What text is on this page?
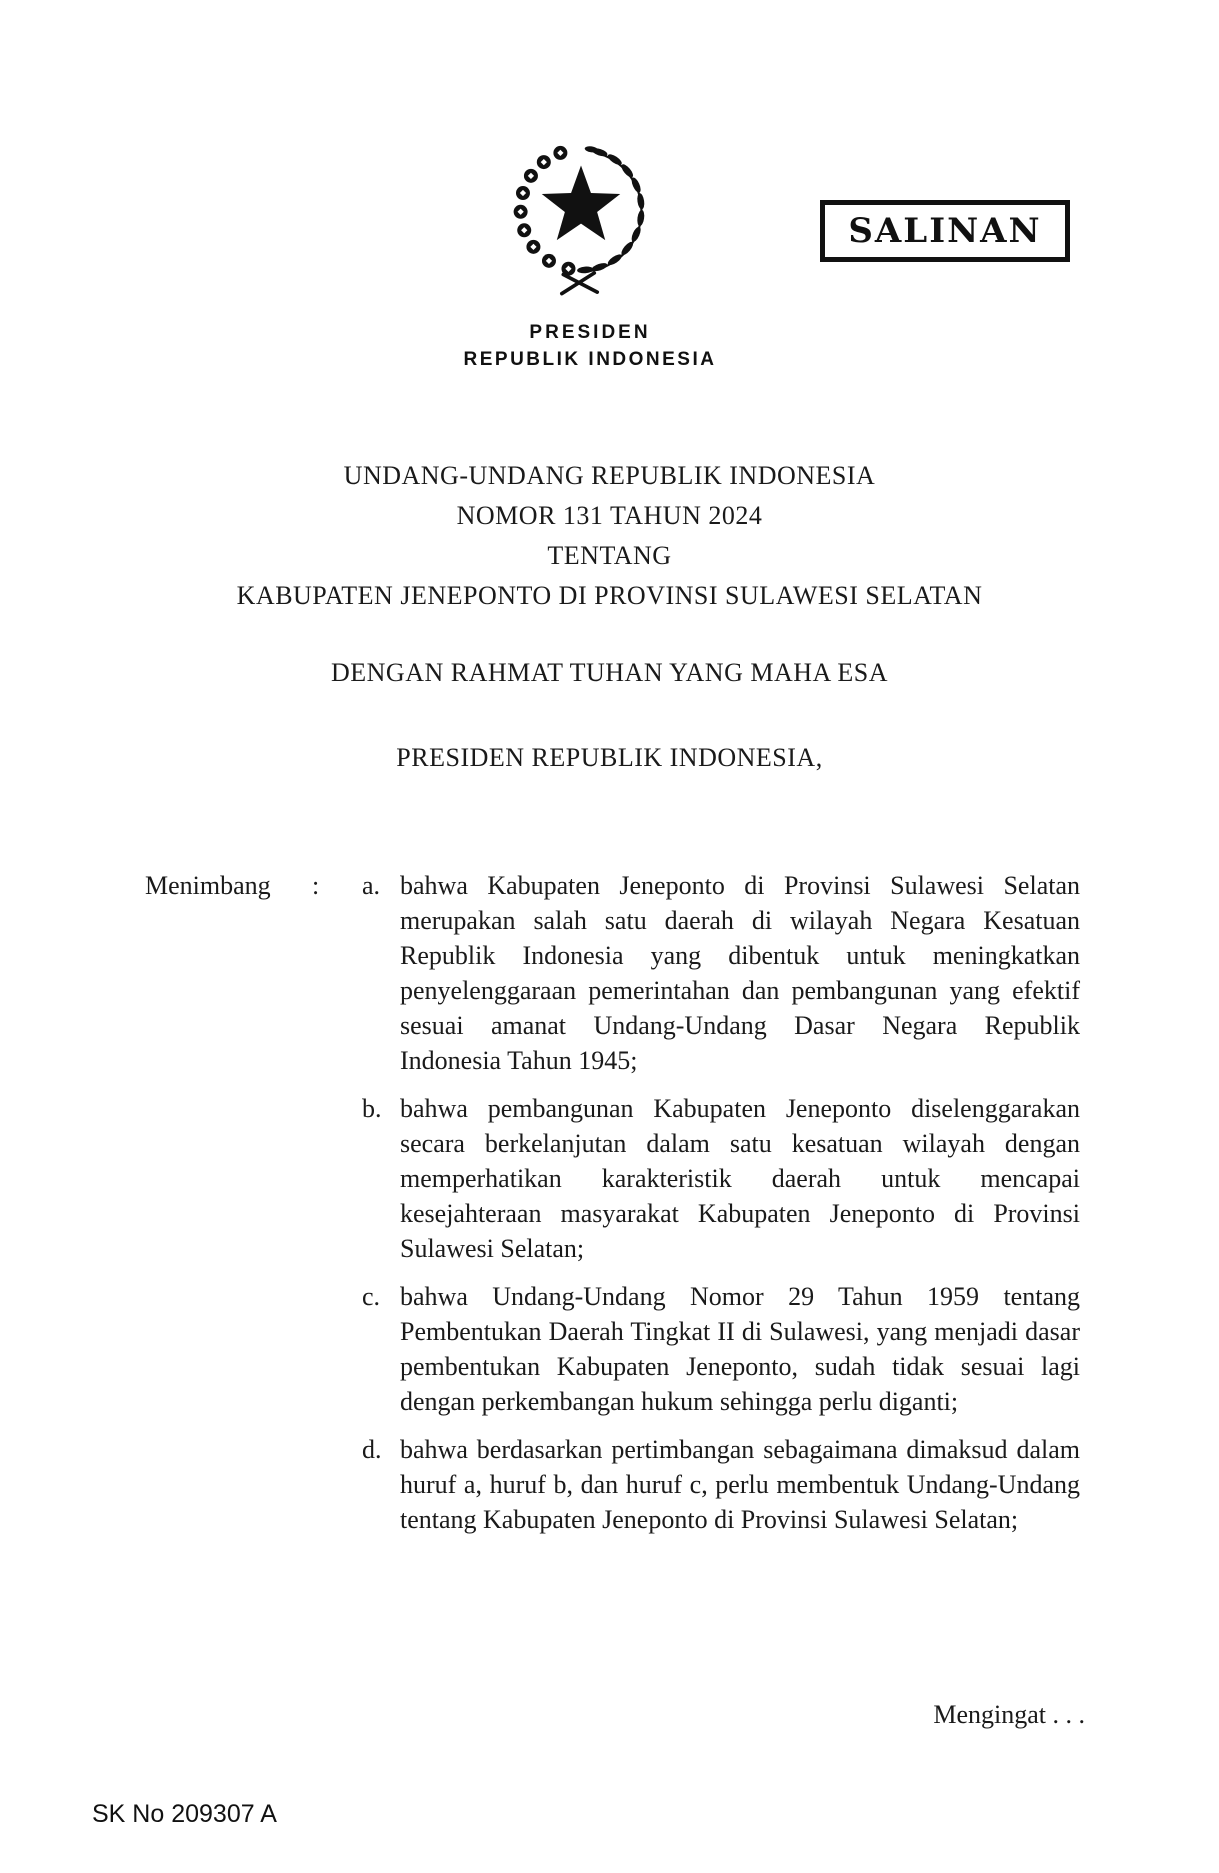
PRESIDEN
REPUBLIK INDONESIA
SALINAN
UNDANG-UNDANG REPUBLIK INDONESIA
NOMOR 131 TAHUN 2024
TENTANG
KABUPATEN JENEPONTO DI PROVINSI SULAWESI SELATAN
DENGAN RAHMAT TUHAN YANG MAHA ESA
PRESIDEN REPUBLIK INDONESIA,
Menimbang	:	a. bahwa Kabupaten Jeneponto di Provinsi Sulawesi Selatan merupakan salah satu daerah di wilayah Negara Kesatuan Republik Indonesia yang dibentuk untuk meningkatkan penyelenggaraan pemerintahan dan pembangunan yang efektif sesuai amanat Undang-Undang Dasar Negara Republik Indonesia Tahun 1945;
b. bahwa pembangunan Kabupaten Jeneponto diselenggarakan secara berkelanjutan dalam satu kesatuan wilayah dengan memperhatikan karakteristik daerah untuk mencapai kesejahteraan masyarakat Kabupaten Jeneponto di Provinsi Sulawesi Selatan;
c. bahwa Undang-Undang Nomor 29 Tahun 1959 tentang Pembentukan Daerah Tingkat II di Sulawesi, yang menjadi dasar pembentukan Kabupaten Jeneponto, sudah tidak sesuai lagi dengan perkembangan hukum sehingga perlu diganti;
d. bahwa berdasarkan pertimbangan sebagaimana dimaksud dalam huruf a, huruf b, dan huruf c, perlu membentuk Undang-Undang tentang Kabupaten Jeneponto di Provinsi Sulawesi Selatan;
Mengingat . . .
SK No 209307 A
